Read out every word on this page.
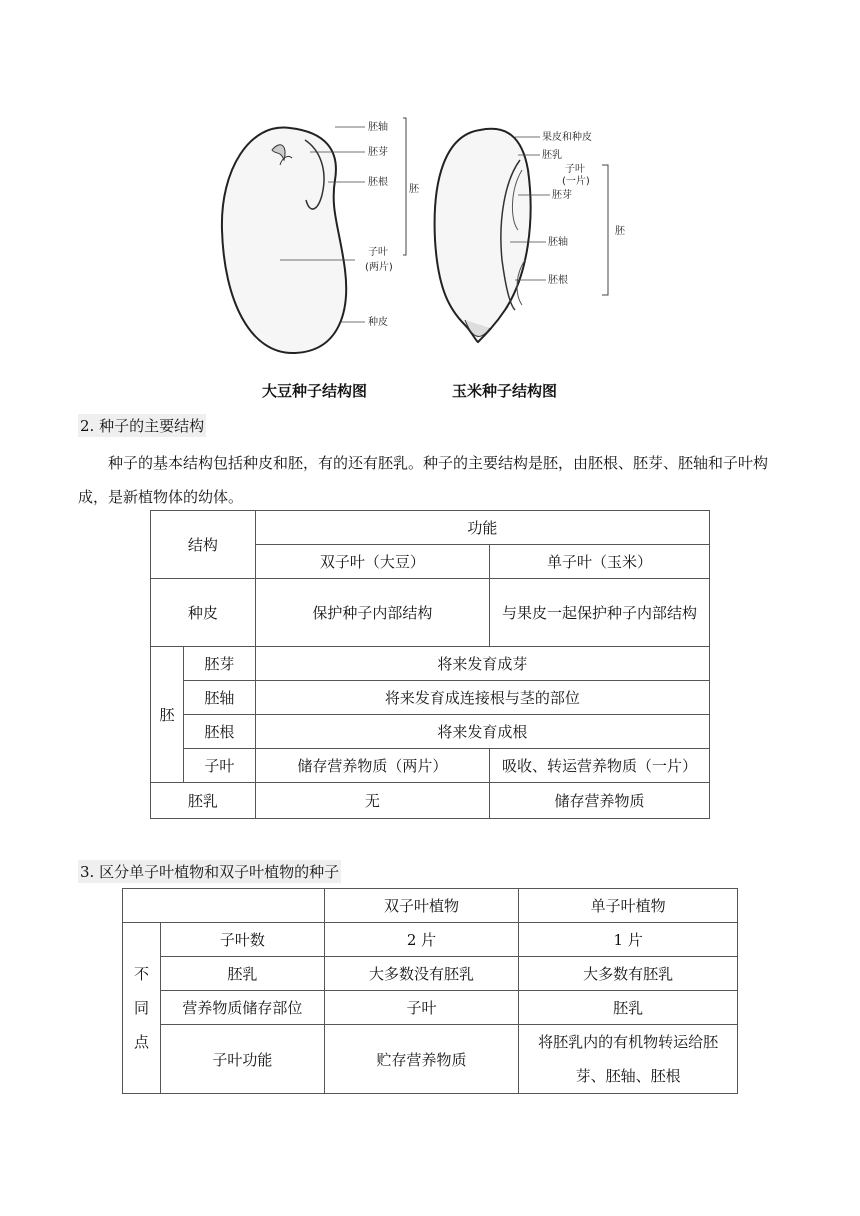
胚轴
胚芽
胚根
胚
子叶
(两片)
种皮
果皮和种皮
胚乳
子叶
(一片)
胚芽
胚轴
胚根
胚
大豆种子结构图	玉米种子结构图
2. 种子的主要结构
种子的基本结构包括种皮和胚，有的还有胚乳。种子的主要结构是胚，由胚根、胚芽、胚轴和子叶构成，是新植物体的幼体。
结构		功能	
		双子叶（大豆）	单子叶（玉米）
种皮		保护种子内部结构	与果皮一起保护种子内部结构
胚	胚芽	将来发育成芽	
	胚轴	将来发育成连接根与茎的部位	
	胚根	将来发育成根	
	子叶	储存营养物质（两片）	吸收、转运营养物质（一片）
胚乳		无	储存营养物质
3. 区分单子叶植物和双子叶植物的种子
		双子叶植物	单子叶植物

不
同
点	子叶数	2 片	1 片
	胚乳	大多数没有胚乳	大多数有胚乳
	营养物质储存部位	子叶	胚乳
	子叶功能	贮存营养物质	将胚乳内的有机物转运给胚芽、胚轴、胚根
